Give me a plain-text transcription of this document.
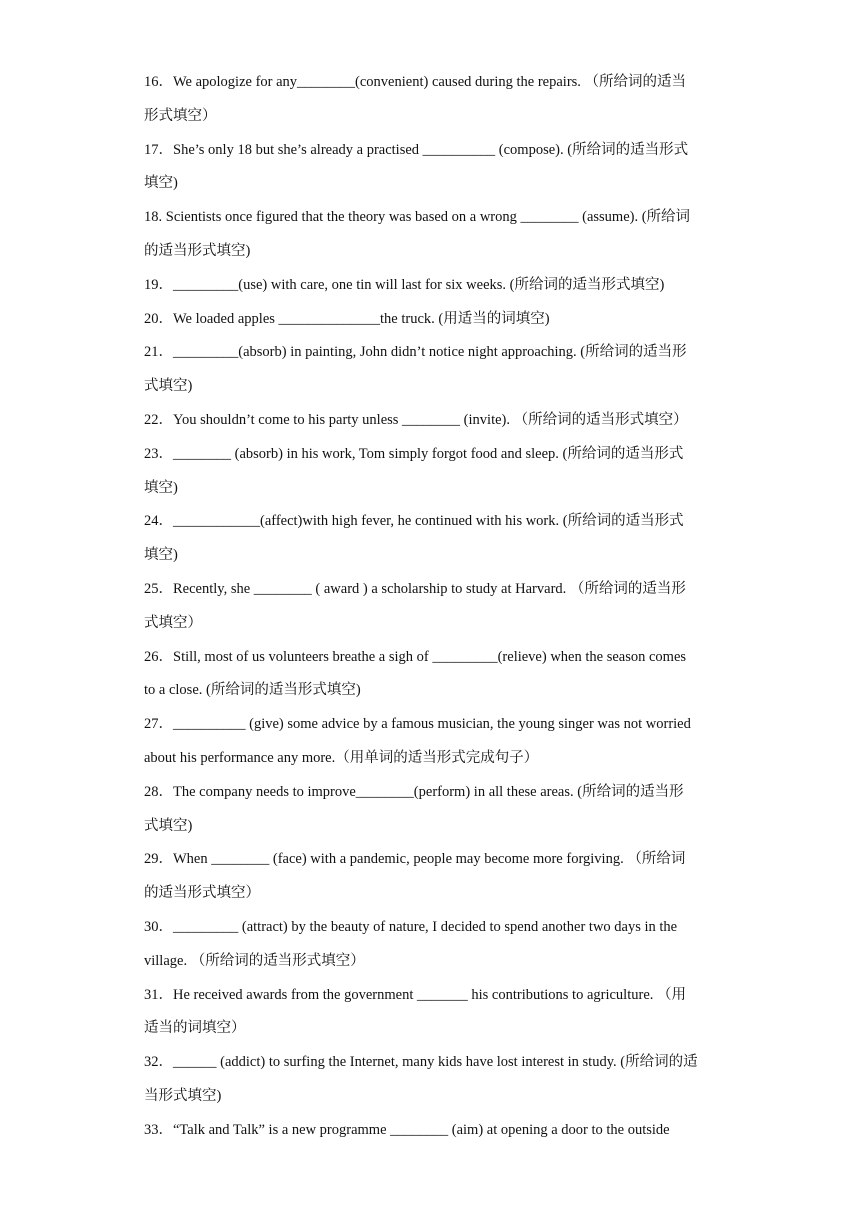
16．We apologize for any________(convenient) caused during the repairs. （所给词的适当
形式填空）
17．She’s only 18 but she’s already a practised __________ (compose). (所给词的适当形式
填空)
18. Scientists once figured that the theory was based on a wrong ________ (assume). (所给词
的适当形式填空)
19．_________(use) with care, one tin will last for six weeks. (所给词的适当形式填空)
20．We loaded apples ______________the truck. (用适当的词填空)
21．_________(absorb) in painting, John didn’t notice night approaching. (所给词的适当形
式填空)
22．You shouldn’t come to his party unless ________ (invite). （所给词的适当形式填空）
23．________ (absorb) in his work, Tom simply forgot food and sleep. (所给词的适当形式
填空)
24．____________(affect)with high fever, he continued with his work. (所给词的适当形式
填空)
25．Recently, she ________ ( award ) a scholarship to study at Harvard. （所给词的适当形
式填空）
26．Still, most of us volunteers breathe a sigh of _________(relieve) when the season comes
to a close. (所给词的适当形式填空)
27．__________ (give) some advice by a famous musician, the young singer was not worried
about his performance any more.（用单词的适当形式完成句子）
28．The company needs to improve________(perform) in all these areas. (所给词的适当形
式填空)
29．When ________ (face) with a pandemic, people may become more forgiving. （所给词
的适当形式填空）
30．_________ (attract) by the beauty of nature, I decided to spend another two days in the
village. （所给词的适当形式填空）
31．He received awards from the government _______ his contributions to agriculture. （用
适当的词填空）
32．______ (addict) to surfing the Internet, many kids have lost interest in study. (所给词的适
当形式填空)
33．“Talk and Talk” is a new programme ________ (aim) at opening a door to the outside
